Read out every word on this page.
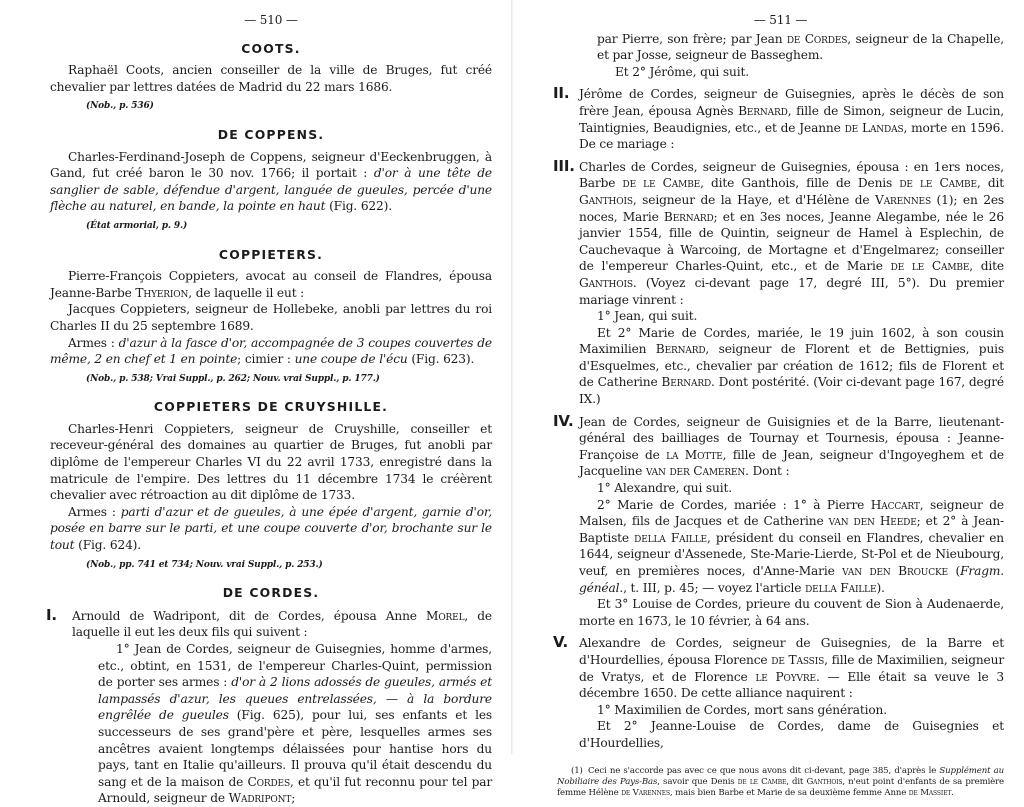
— 510 —
COOTS.

Raphaël Coots, ancien conseiller de la ville de Bruges, fut créé chevalier par lettres datées de Madrid du 22 mars 1686.

(Nob., p. 536)
DE COPPENS.

Charles-Ferdinand-Joseph de Coppens, seigneur d'Eeckenbruggen, à Gand, fut créé baron le 30 nov. 1766; il portait : d'or à une tête de sanglier de sable, défendue d'argent, languée de gueules, percée d'une flèche au naturel, en bande, la pointe en haut (Fig. 622).

(État armorial, p. 9.)
COPPIETERS.

Pierre-François Coppieters, avocat au conseil de Flandres, épousa Jeanne-Barbe Thyerion, de laquelle il eut :

Jacques Coppieters, seigneur de Hollebeke, anobli par lettres du roi Charles II du 25 septembre 1689.

Armes : d'azur à la fasce d'or, accompagnée de 3 coupes couvertes de même, 2 en chef et 1 en pointe; cimier : une coupe de l'écu (Fig. 623).

(Nob., p. 538; Vrai Suppl., p. 262; Nouv. vrai Suppl., p. 177.)
COPPIETERS DE CRUYSHILLE.

Charles-Henri Coppieters, seigneur de Cruyshille, conseiller et receveur-général des domaines au quartier de Bruges, fut anobli par diplôme de l'empereur Charles VI du 22 avril 1733, enregistré dans la matricule de l'empire. Des lettres du 11 décembre 1734 le créèrent chevalier avec rétroaction au dit diplôme de 1733.

Armes : parti d'azur et de gueules, à une épée d'argent, garnie d'or, posée en barre sur le parti, et une coupe couverte d'or, brochante sur le tout (Fig. 624).

(Nob., pp. 741 et 734; Nouv. vrai Suppl., p. 253.)
DE CORDES.
I. Arnould de Wadripont, dit de Cordes, épousa Anne Morel, de laquelle il eut les deux fils qui suivent :

1° Jean de Cordes, seigneur de Guisegnies, homme d'armes, etc., obtint, en 1531, de l'empereur Charles-Quint, permission de porter ses armes : d'or à 2 lions adossés de gueules, armés et lampassés d'azur, les queues entrelassées, — à la bordure engrêlée de gueules (Fig. 625), pour lui, ses enfants et les successeurs de ses grand'père et père, lesquelles armes ses ancêtres avaient longtemps délaissées pour hantise hors du pays, tant en Italie qu'ailleurs. Il prouva qu'il était descendu du sang et de la maison de Cordes, et qu'il fut reconnu pour tel par Arnould, seigneur de Wadripont;

— 511 —

par Pierre, son frère; par Jean de Cordes, seigneur de la Chapelle, et par Josse, seigneur de Basseghem.

Et 2° Jérôme, qui suit.

II. Jérôme de Cordes, seigneur de Guisegnies, après le décès de son frère Jean, épousa Agnès Bernard, fille de Simon, seigneur de Lucin, Taintignies, Beaudignies, etc., et de Jeanne de Landas, morte en 1596. De ce mariage :

III. Charles de Cordes, seigneur de Guisegnies, épousa : en 1ers noces, Barbe de le Cambe, dite Ganthois, fille de Denis de le Cambe, dit Ganthois, seigneur de la Haye, et d'Hélène de Varennes (1); en 2es noces, Marie Bernard; et en 3es noces, Jeanne Alegambe, née le 26 janvier 1554, fille de Quintin, seigneur de Hamel à Esplechin, de Cauchevaque à Warcoing, de Mortagne et d'Engelmarez; conseiller de l'empereur Charles-Quint, etc., et de Marie de le Cambe, dite Ganthois. (Voyez ci-devant page 17, degré III, 5°). Du premier mariage vinrent :

1° Jean, qui suit.

Et 2° Marie de Cordes, mariée, le 19 juin 1602, à son cousin Maximilien Bernard, seigneur de Florent et de Bettignies, puis d'Esquelmes, etc., chevalier par création de 1612; fils de Florent et de Catherine Bernard. Dont postérité. (Voir ci-devant page 167, degré IX.)

IV. Jean de Cordes, seigneur de Guisignies et de la Barre, lieutenant-général des bailliages de Tournay et Tournesis, épousa : Jeanne-Françoise de la Motte, fille de Jean, seigneur d'Ingoyeghem et de Jacqueline van der Cameren. Dont :

1° Alexandre, qui suit.

2° Marie de Cordes, mariée : 1° à Pierre Haccart, seigneur de Malsen, fils de Jacques et de Catherine van den Heede; et 2° à Jean-Baptiste della Faille, président du conseil en Flandres, chevalier en 1644, seigneur d'Assenede, Ste-Marie-Lierde, St-Pol et de Nieubourg, veuf, en premières noces, d'Anne-Marie van den Broucke (Fragm. généal., t. III, p. 45; — voyez l'article della Faille).

Et 3° Louise de Cordes, prieure du couvent de Sion à Audenaerde, morte en 1673, le 10 février, à 64 ans.

V. Alexandre de Cordes, seigneur de Guisegnies, de la Barre et d'Hourdellies, épousa Florence de Tassis, fille de Maximilien, seigneur de Vratys, et de Florence le Poyvre. — Elle était sa veuve le 3 décembre 1650. De cette alliance naquirent :

1° Maximilien de Cordes, mort sans génération.

Et 2° Jeanne-Louise de Cordes, dame de Guisegnies et d'Hourdellies,

(1) Ceci ne s'accorde pas avec ce que nous avons dit ci-devant, page 385, d'après le Supplément au Nobiliaire des Pays-Bas, savoir que Denis de le Cambe, dit Ganthois, n'eut point d'enfants de sa première femme Hélène de Varennes, mais bien Barbe et Marie de sa deuxième femme Anne de Massiet.
